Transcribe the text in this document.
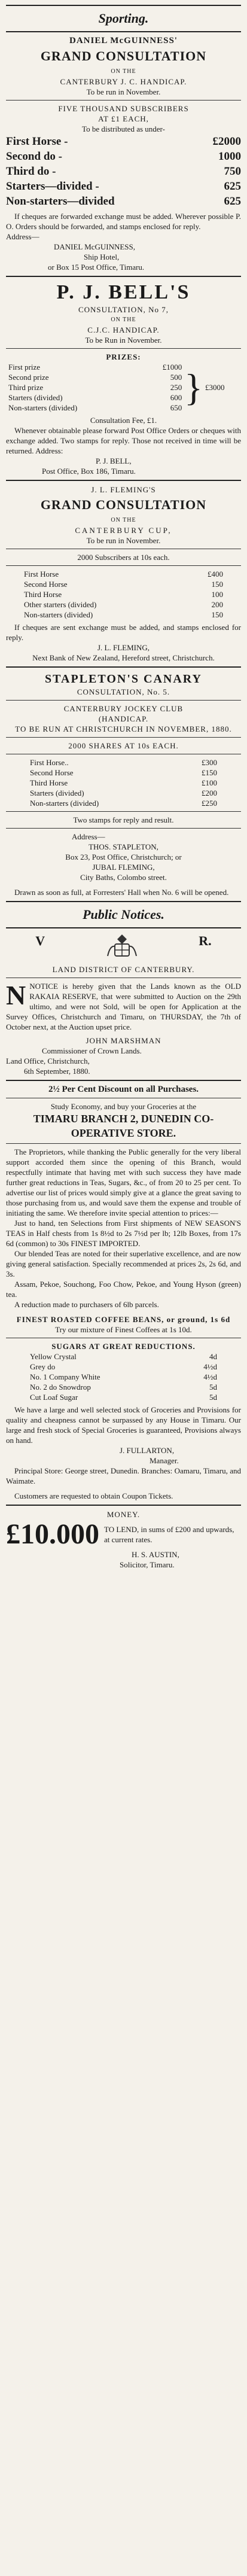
Sporting.
DANIEL McGUINNESS'
GRAND CONSULTATION
ON THE
CANTERBURY J. C. HANDICAP.
To be run in November.
FIVE THOUSAND SUBSCRIBERS
AT £1 EACH,
To be distributed as under-
First Horse -	£2000
Second do -	1000
Third do -	750
Starters—divided -	625
Non-starters—divided	625
If cheques are forwarded exchange must be added. Wherever possible P. O. Orders should be forwarded, and stamps enclosed for reply.
Address—
DANIEL McGUINNESS,
Ship Hotel,
or Box 15 Post Office, Timaru.
P. J. BELL'S
CONSULTATION, No 7,
ON THE
C.J.C. HANDICAP.
To be Run in November.
PRIZES:
First prize	£1000
Second prize	500
Third prize	250
Starters (divided)	600
Non-starters (divided)	650 } £3000
Consultation Fee, £1.
Whenever obtainable please forward Post Office Orders or cheques with exchange added. Two stamps for reply. Those not received in time will be returned. Address:
P. J. BELL,
Post Office, Box 186, Timaru.
J. L. FLEMING'S
GRAND CONSULTATION
ON THE
CANTERBURY CUP,
To be run in November.
2000 Subscribers at 10s each.
First Horse	£400
Second Horse	150
Third Horse	100
Other starters (divided)	200
Non-starters (divided)	150
If cheques are sent exchange must be added, and stamps enclosed for reply.
J. L. FLEMING,
Next Bank of New Zealand, Hereford street, Christchurch.
STAPLETON'S CANARY
CONSULTATION, No. 5.
CANTERBURY JOCKEY CLUB
(HANDICAP.
TO BE RUN AT CHRISTCHURCH IN NOVEMBER, 1880.
2000 SHARES AT 10s EACH.
First Horse..	£300
Second Horse	£150
Third Horse	£100
Starters (divided)	£200
Non-starters (divided)	£250
Two stamps for reply and result.
Address—
THOS. STAPLETON,
Box 23, Post Office, Christchurch; or
JUBAL FLEMING,
City Baths, Colombo street.
Drawn as soon as full, at Forresters' Hall when No. 6 will be opened.
Public Notices.
V	R.
LAND DISTRICT OF CANTERBURY.
NNOTICE is hereby given that the Lands known as the OLD RAKAIA RESERVE, that were submitted to Auction on the 29th ultimo, and were not Sold, will be open for Application at the Survey Offices, Christchurch and Timaru, on THURSDAY, the 7th of October next, at the Auction upset price.
JOHN MARSHMAN
Commissioner of Crown Lands.
Land Office, Christchurch,
6th September, 1880.
2½ Per Cent Discount on all Purchases.
Study Economy, and buy your Groceries at the
TIMARU BRANCH 2, DUNEDIN CO-OPERATIVE STORE.
The Proprietors, while thanking the Public generally for the very liberal support accorded them since the opening of this Branch, would respectfully intimate that having met with such success they have made further great reductions in Teas, Sugars, &c., of from 20 to 25 per cent. To advertise our list of prices would simply give at a glance the great saving to those purchasing from us, and would save them the expense and trouble of initiating the same. We therefore invite special attention to prices:—
Just to hand, ten Selections from First shipments of NEW SEASON'S TEAS in Half chests from 1s 8½d to 2s 7½d per lb; 12lb Boxes, from 17s 6d (common) to 30s FINEST IMPORTED.
Our blended Teas are noted for their superlative excellence, and are now giving general satisfaction. Specially recommended at prices 2s, 2s 6d, and 3s.
Assam, Pekoe, Souchong, Foo Chow, Pekoe, and Young Hyson (green) tea.
A reduction made to purchasers of 6lb parcels.
FINEST ROASTED COFFEE BEANS, or ground, 1s 6d
Try our mixture of Finest Coffees at 1s 10d.
SUGARS AT GREAT REDUCTIONS.
Yellow Crystal	4d
Grey do	4½d
No. 1 Company White	4½d
No. 2 do Snowdrop	5d
Cut Loaf Sugar	5d
We have a large and well selected stock of Groceries and Provisions for quality and cheapness cannot be surpassed by any House in Timaru. Our large and fresh stock of Special Groceries is guaranteed, Provisions always on hand.
J. FULLARTON,
Manager.
Principal Store: George street, Dunedin. Branches: Oamaru, Timaru, and Waimate.
Customers are requested to obtain Coupon Tickets.
MONEY.
£10.000 TO LEND, in sums of £200 and upwards, at current rates.
H. S. AUSTIN,
Solicitor, Timaru.
